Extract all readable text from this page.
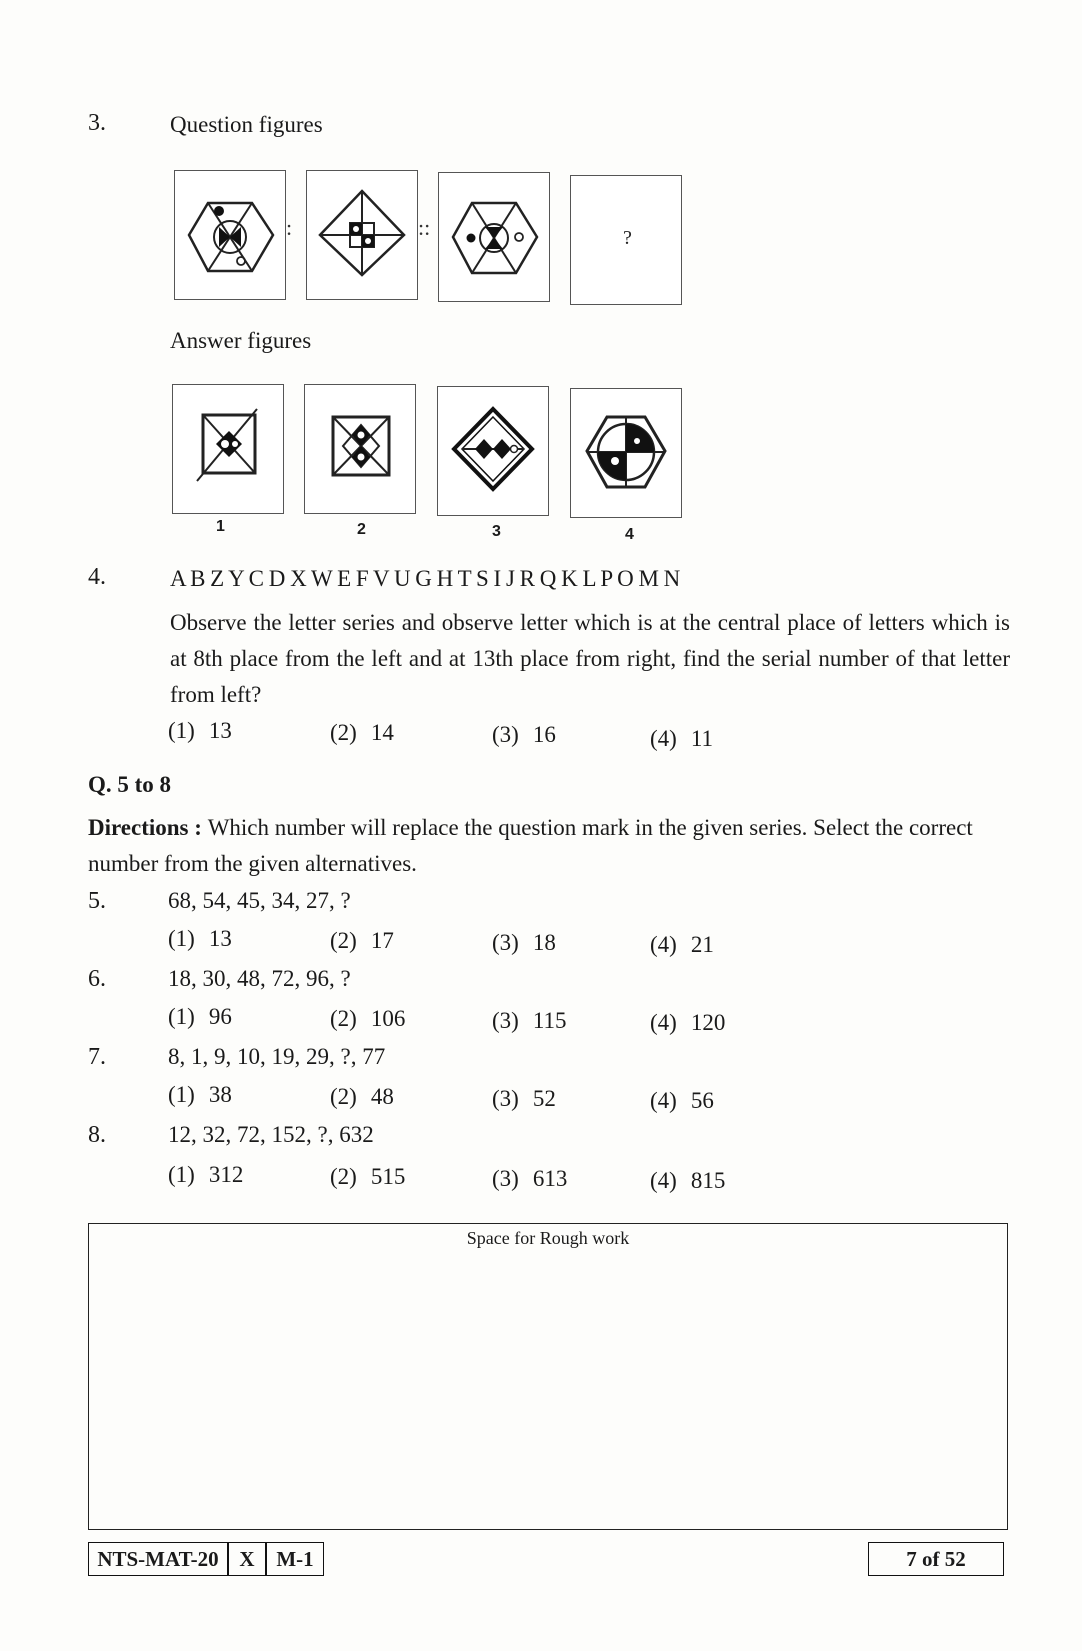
3.	Question figures
:	::	?
Answer figures
1	2	3	4
4.	A B Z Y C D X W E F V U G H T S I J R Q K L P O M N
Observe the letter series and observe letter which is at the central place of letters which is at 8th place from the left and at 13th place from right, find the serial number of that letter from left?
(1) 13	(2) 14	(3) 16	(4) 11
Q. 5 to 8
Directions : Which number will replace the question mark in the given series. Select the correct number from the given alternatives.
5.	68, 54, 45, 34, 27, ?
(1) 13	(2) 17	(3) 18	(4) 21
6.	18, 30, 48, 72, 96, ?
(1) 96	(2) 106	(3) 115	(4) 120
7.	8, 1, 9, 10, 19, 29, ?, 77
(1) 38	(2) 48	(3) 52	(4) 56
8.	12, 32, 72, 152, ?, 632
(1) 312	(2) 515	(3) 613	(4) 815
Space for Rough work
NTS-MAT-20 X	M-1	7 of 52
